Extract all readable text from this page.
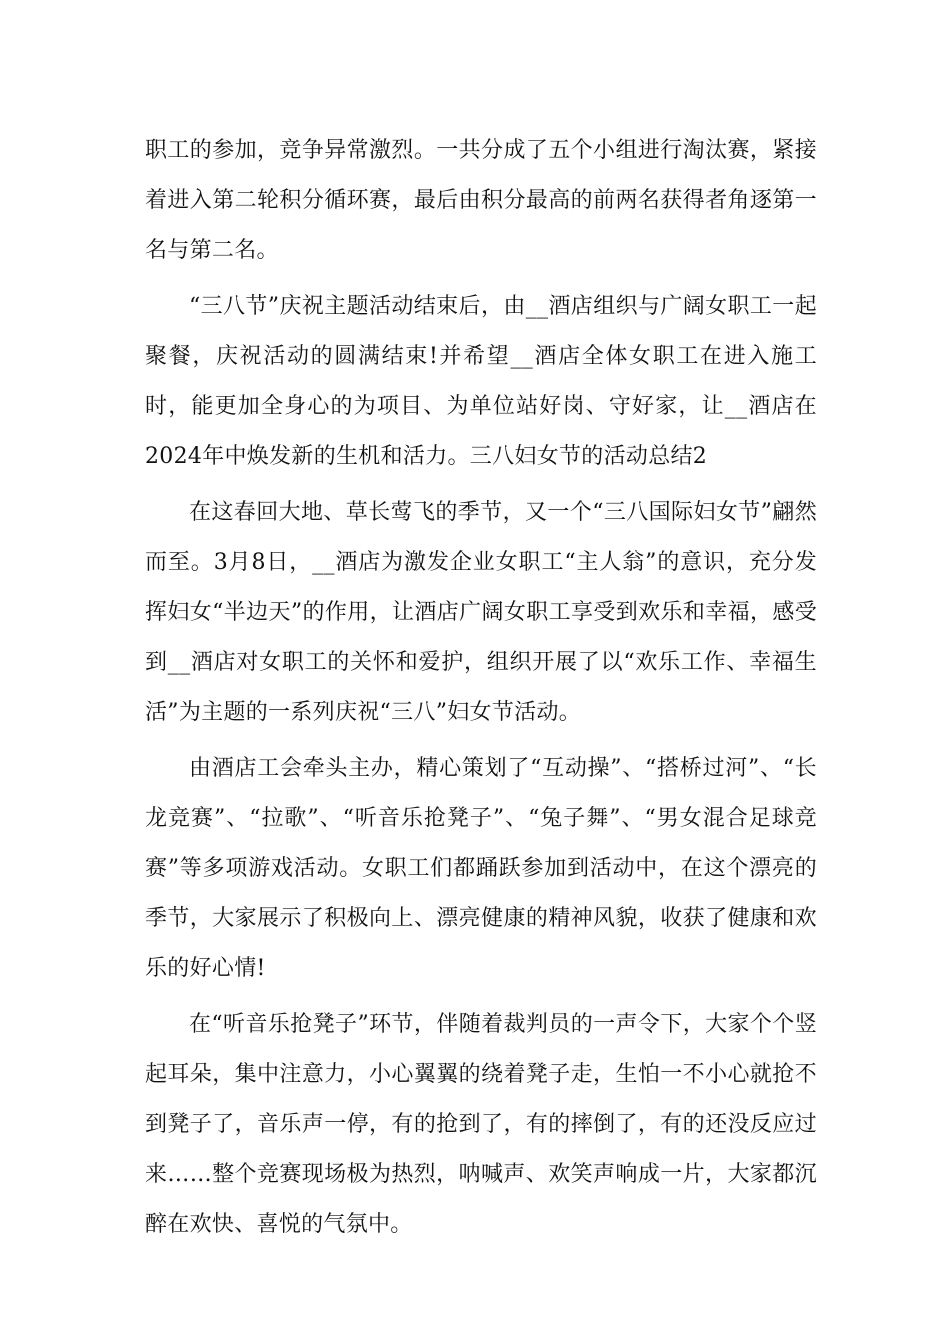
职工的参加，竞争异常激烈。一共分成了五个小组进行淘汰赛，紧接着进入第二轮积分循环赛，最后由积分最高的前两名获得者角逐第一名与第二名。

“三八节”庆祝主题活动结束后，由__酒店组织与广阔女职工一起聚餐，庆祝活动的圆满结束!并希望__酒店全体女职工在进入施工时，能更加全身心的为项目、为单位站好岗、守好家，让__酒店在2024年中焕发新的生机和活力。三八妇女节的活动总结2

在这春回大地、草长莺飞的季节，又一个“三八国际妇女节”翩然而至。3月8日，__酒店为激发企业女职工“主人翁”的意识，充分发挥妇女“半边天”的作用，让酒店广阔女职工享受到欢乐和幸福，感受到__酒店对女职工的关怀和爱护，组织开展了以“欢乐工作、幸福生活”为主题的一系列庆祝“三八”妇女节活动。

由酒店工会牵头主办，精心策划了“互动操”、“搭桥过河”、“长龙竞赛”、“拉歌”、“听音乐抢凳子”、“兔子舞”、“男女混合足球竞赛”等多项游戏活动。女职工们都踊跃参加到活动中，在这个漂亮的季节，大家展示了积极向上、漂亮健康的精神风貌，收获了健康和欢乐的好心情!

在“听音乐抢凳子”环节，伴随着裁判员的一声令下，大家个个竖起耳朵，集中注意力，小心翼翼的绕着凳子走，生怕一不小心就抢不到凳子了，音乐声一停，有的抢到了，有的摔倒了，有的还没反应过来……整个竞赛现场极为热烈，呐喊声、欢笑声响成一片，大家都沉醉在欢快、喜悦的气氛中。
